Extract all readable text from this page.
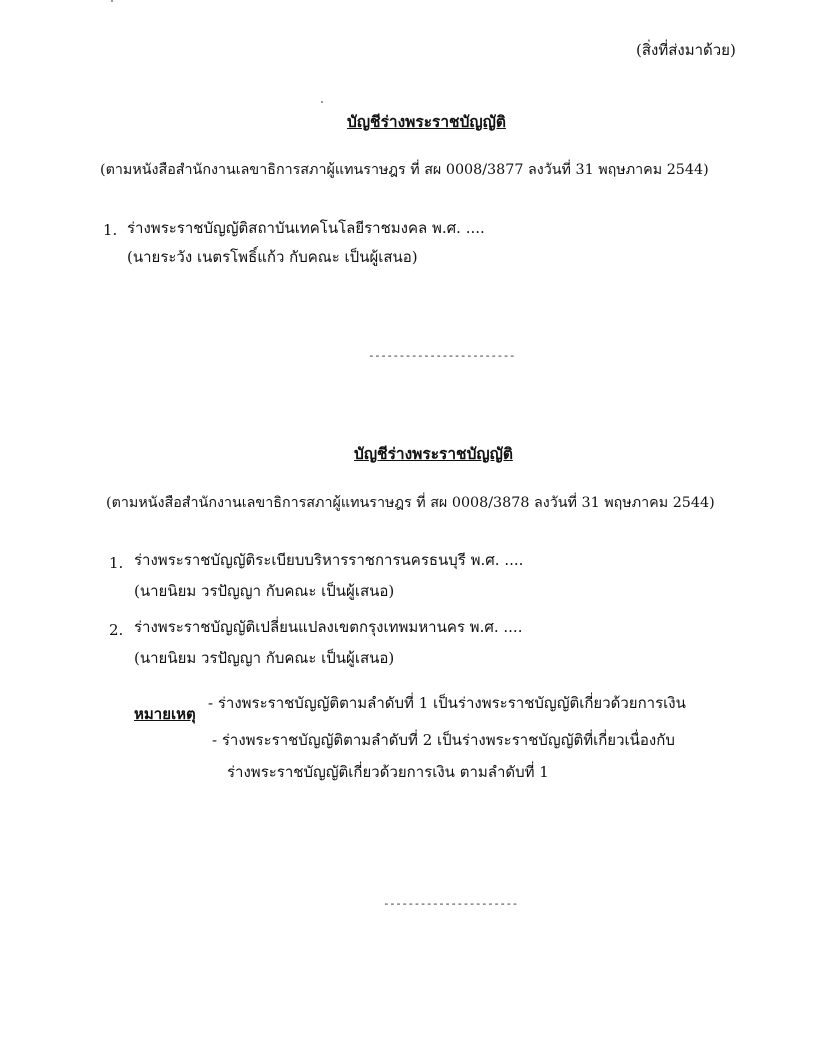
(สิ่งที่ส่งมาด้วย)
บัญชีร่างพระราชบัญญัติ
(ตามหนังสือสำนักงานเลขาธิการสภาผู้แทนราษฎร ที่ สผ 0008/3877 ลงวันที่ 31 พฤษภาคม 2544)
1. ร่างพระราชบัญญัติสถาบันเทคโนโลยีราชมงคล พ.ศ. ....
(นายระวัง เนตรโพธิ์แก้ว กับคณะ เป็นผู้เสนอ)
------------------------
บัญชีร่างพระราชบัญญัติ
(ตามหนังสือสำนักงานเลขาธิการสภาผู้แทนราษฎร ที่ สผ 0008/3878 ลงวันที่ 31 พฤษภาคม 2544)
1. ร่างพระราชบัญญัติระเบียบบริหารราชการนครธนบุรี พ.ศ. ....
(นายนิยม วรปัญญา กับคณะ เป็นผู้เสนอ)
2. ร่างพระราชบัญญัติเปลี่ยนแปลงเขตกรุงเทพมหานคร พ.ศ. ....
(นายนิยม วรปัญญา กับคณะ เป็นผู้เสนอ)
หมายเหตุ
- ร่างพระราชบัญญัติตามลำดับที่ 1 เป็นร่างพระราชบัญญัติเกี่ยวด้วยการเงิน
- ร่างพระราชบัญญัติตามลำดับที่ 2 เป็นร่างพระราชบัญญัติที่เกี่ยวเนื่องกับ
ร่างพระราชบัญญัติเกี่ยวด้วยการเงิน ตามลำดับที่ 1
----------------------
